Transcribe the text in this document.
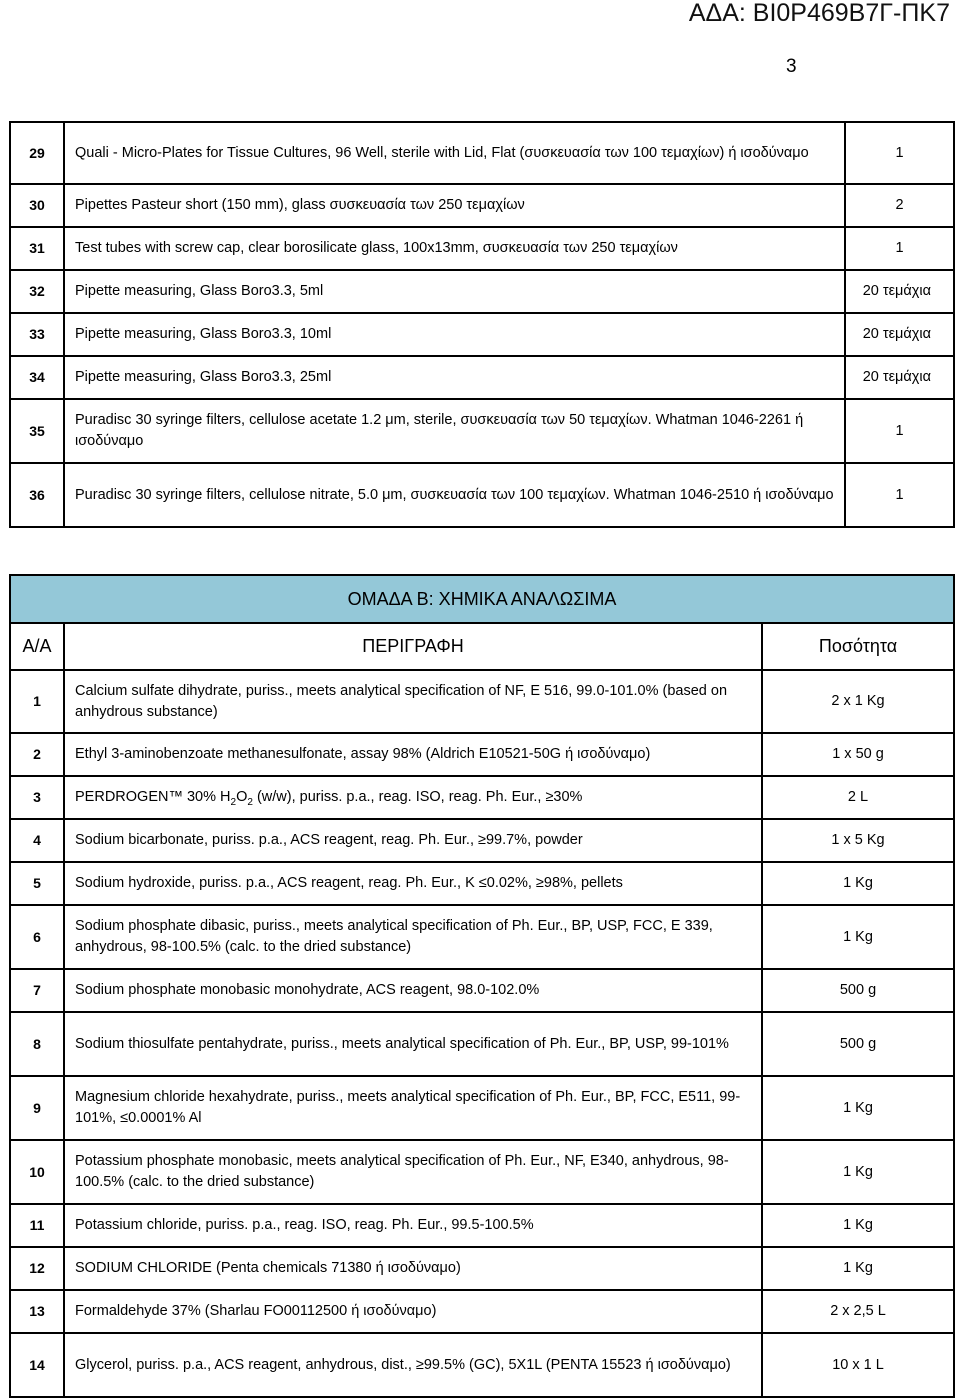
ΑΔΑ: ΒΙ0Ρ469Β7Γ-ΠΚ7
3
29	Quali - Micro-Plates for Tissue Cultures, 96 Well, sterile with Lid, Flat (συσκευασία των 100 τεμαχίων) ή ισοδύναμο	1
30	Pipettes Pasteur short (150 mm), glass συσκευασία των 250 τεμαχίων	2
31	Test tubes with screw cap, clear borosilicate glass, 100x13mm, συσκευασία των 250 τεμαχίων	1
32	Pipette measuring, Glass Boro3.3, 5ml	20 τεμάχια
33	Pipette measuring, Glass Boro3.3, 10ml	20 τεμάχια
34	Pipette measuring, Glass Boro3.3, 25ml	20 τεμάχια
35	Puradisc 30 syringe filters, cellulose acetate 1.2 μm, sterile, συσκευασία των 50 τεμαχίων. Whatman 1046-2261 ή ισοδύναμο	1
36	Puradisc 30 syringe filters, cellulose nitrate, 5.0 μm, συσκευασία των 100 τεμαχίων. Whatman 1046-2510 ή ισοδύναμο	1
ΟΜΑΔΑ Β: ΧΗΜΙΚΑ ΑΝΑΛΩΣΙΜΑ		
Α/Α	ΠΕΡΙΓΡΑΦΗ	Ποσότητα
1	Calcium sulfate dihydrate, puriss., meets analytical specification of NF, E 516, 99.0-101.0% (based on anhydrous substance)	2 x 1 Kg
2	Ethyl 3-aminobenzoate methanesulfonate, assay 98% (Aldrich E10521-50G ή ισοδύναμο)	1 x 50 g
3	PERDROGEN™ 30% $H_2O_2$ (w/w), puriss. p.a., reag. ISO, reag. Ph. Eur., ≥30%	2 L
4	Sodium bicarbonate, puriss. p.a., ACS reagent, reag. Ph. Eur., ≥99.7%, powder	1 x 5 Kg
5	Sodium hydroxide, puriss. p.a., ACS reagent, reag. Ph. Eur., K ≤0.02%, ≥98%, pellets	1 Kg
6	Sodium phosphate dibasic, puriss., meets analytical specification of Ph. Eur., BP, USP, FCC, E 339, anhydrous, 98-100.5% (calc. to the dried substance)	1 Kg
7	Sodium phosphate monobasic monohydrate, ACS reagent, 98.0-102.0%	500 g
8	Sodium thiosulfate pentahydrate, puriss., meets analytical specification of Ph. Eur., BP, USP, 99-101%	500 g
9	Magnesium chloride hexahydrate, puriss., meets analytical specification of Ph. Eur., BP, FCC, E511, 99-101%, ≤0.0001% Al	1 Kg
10	Potassium phosphate monobasic, meets analytical specification of Ph. Eur., NF, E340, anhydrous, 98-100.5% (calc. to the dried substance)	1 Kg
11	Potassium chloride, puriss. p.a., reag. ISO, reag. Ph. Eur., 99.5-100.5%	1 Kg
12	SODIUM CHLORIDE (Penta chemicals 71380 ή ισοδύναμο)	1 Kg
13	Formaldehyde 37% (Sharlau FO00112500 ή ισοδύναμο)	2 x 2,5 L
14	Glycerol, puriss. p.a., ACS reagent, anhydrous, dist., ≥99.5% (GC), 5X1L (PENTA 15523 ή ισοδύναμο)	10 x 1 L
